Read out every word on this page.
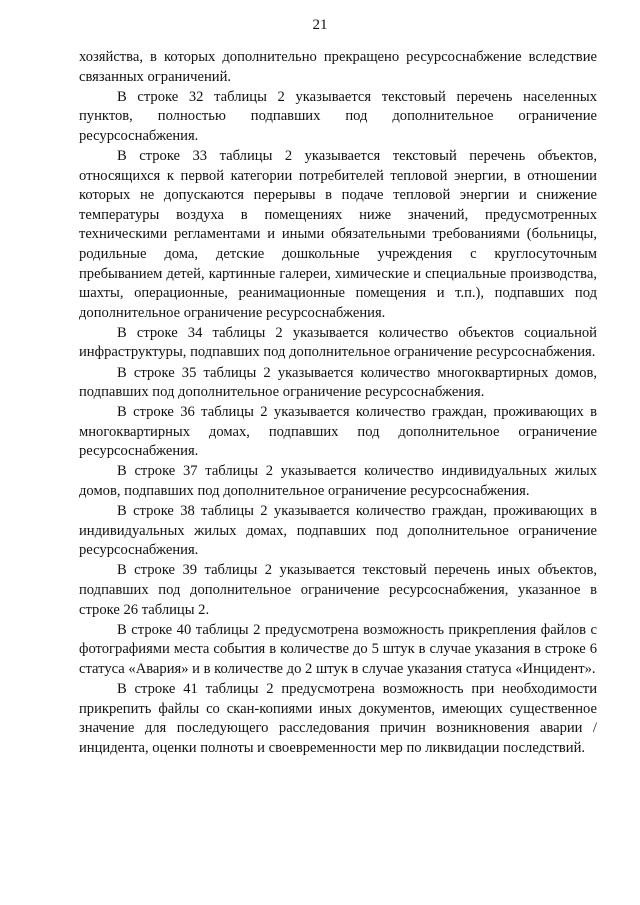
21

хозяйства, в которых дополнительно прекращено ресурсоснабжение вследствие связанных ограничений.

В строке 32 таблицы 2 указывается текстовый перечень населенных пунктов, полностью подпавших под дополнительное ограничение ресурсоснабжения.

В строке 33 таблицы 2 указывается текстовый перечень объектов, относящихся к первой категории потребителей тепловой энергии, в отношении которых не допускаются перерывы в подаче тепловой энергии и снижение температуры воздуха в помещениях ниже значений, предусмотренных техническими регламентами и иными обязательными требованиями (больницы, родильные дома, детские дошкольные учреждения с круглосуточным пребыванием детей, картинные галереи, химические и специальные производства, шахты, операционные, реанимационные помещения и т.п.), подпавших под дополнительное ограничение ресурсоснабжения.

В строке 34 таблицы 2 указывается количество объектов социальной инфраструктуры, подпавших под дополнительное ограничение ресурсоснабжения.

В строке 35 таблицы 2 указывается количество многоквартирных домов, подпавших под дополнительное ограничение ресурсоснабжения.

В строке 36 таблицы 2 указывается количество граждан, проживающих в многоквартирных домах, подпавших под дополнительное ограничение ресурсоснабжения.

В строке 37 таблицы 2 указывается количество индивидуальных жилых домов, подпавших под дополнительное ограничение ресурсоснабжения.

В строке 38 таблицы 2 указывается количество граждан, проживающих в индивидуальных жилых домах, подпавших под дополнительное ограничение ресурсоснабжения.

В строке 39 таблицы 2 указывается текстовый перечень иных объектов, подпавших под дополнительное ограничение ресурсоснабжения, указанное в строке 26 таблицы 2.

В строке 40 таблицы 2 предусмотрена возможность прикрепления файлов с фотографиями места события в количестве до 5 штук в случае указания в строке 6 статуса «Авария» и в количестве до 2 штук в случае указания статуса «Инцидент».

В строке 41 таблицы 2 предусмотрена возможность при необходимости прикрепить файлы со скан-копиями иных документов, имеющих существенное значение для последующего расследования причин возникновения аварии / инцидента, оценки полноты и своевременности мер по ликвидации последствий.
